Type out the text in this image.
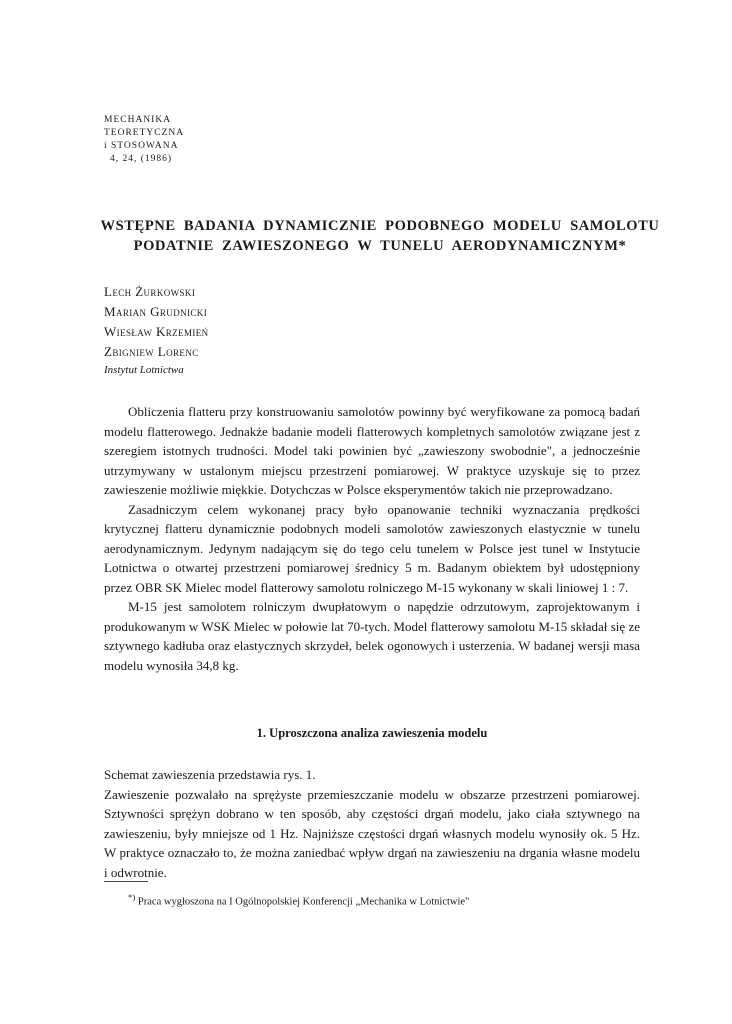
MECHANIKA
TEORETYCZNA
i STOSOWANA
4, 24, (1986)
WSTĘPNE BADANIA DYNAMICZNIE PODOBNEGO MODELU SAMOLOTU
PODATNIE ZAWIESZONEGO W TUNELU AERODYNAMICZNYM*
Lech Żurkowski
Marian Grudnicki
Wiesław Krzemień
Zbigniew Lorenc
Instytut Lotnictwa

Obliczenia flatteru przy konstruowaniu samolotów powinny być weryfikowane za pomocą badań modelu flatterowego. Jednakże badanie modeli flatterowych kompletnych samolotów związane jest z szeregiem istotnych trudności. Model taki powinien być „zawieszony swobodnie", a jednocześnie utrzymywany w ustalonym miejscu przestrzeni pomiarowej. W praktyce uzyskuje się to przez zawieszenie możliwie miękkie. Dotychczas w Polsce eksperymentów takich nie przeprowadzano.

Zasadniczym celem wykonanej pracy było opanowanie techniki wyznaczania prędkości krytycznej flatteru dynamicznie podobnych modeli samolotów zawieszonych elastycznie w tunelu aerodynamicznym. Jedynym nadającym się do tego celu tunelem w Polsce jest tunel w Instytucie Lotnictwa o otwartej przestrzeni pomiarowej średnicy 5 m. Badanym obiektem był udostępniony przez OBR SK Mielec model flatterowy samolotu rolniczego M-15 wykonany w skali liniowej 1 : 7.

M-15 jest samolotem rolniczym dwupłatowym o napędzie odrzutowym, zaprojektowanym i produkowanym w WSK Mielec w połowie lat 70-tych. Model flatterowy samolotu M-15 składał się ze sztywnego kadłuba oraz elastycznych skrzydeł, belek ogonowych i usterzenia. W badanej wersji masa modelu wynosiła 34,8 kg.

1. Uproszczona analiza zawieszenia modelu

Schemat zawieszenia przedstawia rys. 1.

Zawieszenie pozwalało na sprężyste przemieszczanie modelu w obszarze przestrzeni pomiarowej. Sztywności sprężyn dobrano w ten sposób, aby częstości drgań modelu, jako ciała sztywnego na zawieszeniu, były mniejsze od 1 Hz. Najniższe częstości drgań własnych modelu wynosiły ok. 5 Hz. W praktyce oznaczało to, że można zaniedbać wpływ drgań na zawieszeniu na drgania własne modelu i odwrotnie.

*) Praca wygłoszona na I Ogólnopolskiej Konferencji „Mechanika w Lotnictwie"
